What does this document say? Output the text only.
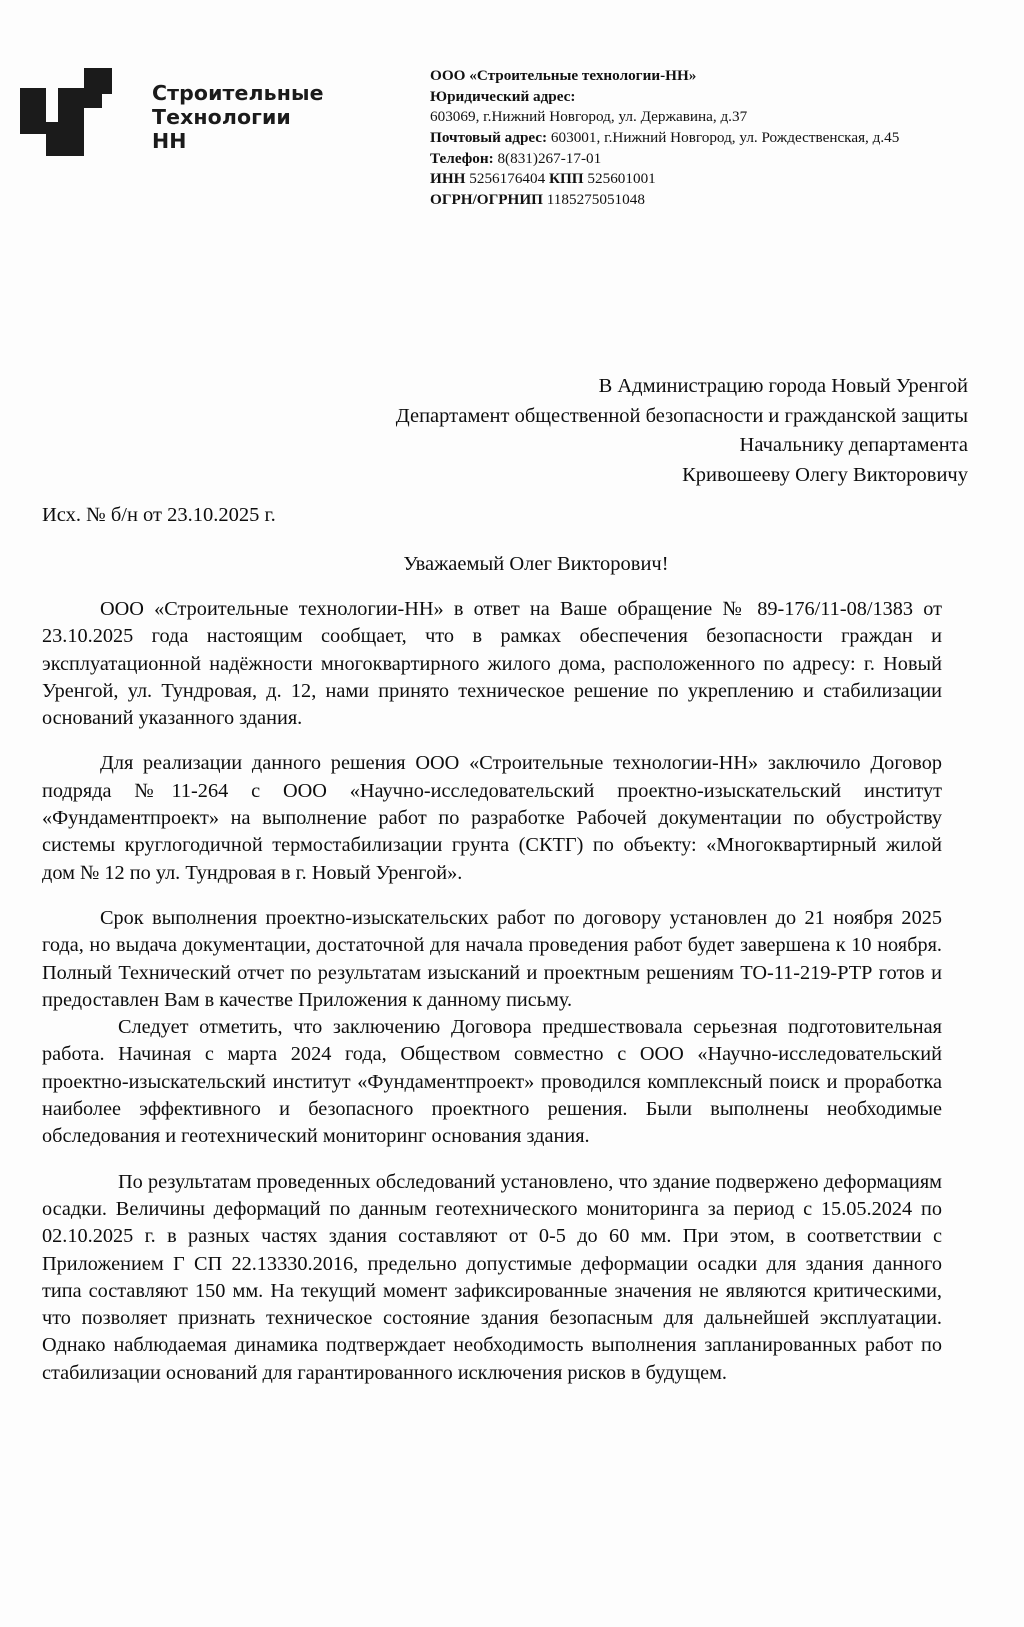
Строительные
Технологии
НН
ООО «Строительные технологии-НН»
Юридический адрес:
603069, г.Нижний Новгород, ул. Державина, д.37
Почтовый адрес: 603001, г.Нижний Новгород, ул. Рождественская, д.45
Телефон: 8(831)267-17-01
ИНН 5256176404 КПП 525601001
ОГРН/ОГРНИП 1185275051048
В Администрацию города Новый Уренгой
Департамент общественной безопасности и гражданской защиты
Начальнику департамента
Кривошееву Олегу Викторовичу
Исх. № б/н от 23.10.2025 г.
Уважаемый Олег Викторович!

ООО «Строительные технологии-НН» в ответ на Ваше обращение № 89-176/11-08/1383 от 23.10.2025 года настоящим сообщает, что в рамках обеспечения безопасности граждан и эксплуатационной надёжности многоквартирного жилого дома, расположенного по адресу: г. Новый Уренгой, ул. Тундровая, д. 12, нами принято техническое решение по укреплению и стабилизации оснований указанного здания.

Для реализации данного решения ООО «Строительные технологии-НН» заключило Договор подряда №11-264 с ООО «Научно-исследовательский проектно-изыскательский институт «Фундаментпроект» на выполнение работ по разработке Рабочей документации по обустройству системы круглогодичной термостабилизации грунта (СКТГ) по объекту: «Многоквартирный жилой дом № 12 по ул. Тундровая в г. Новый Уренгой».

Срок выполнения проектно-изыскательских работ по договору установлен до 21 ноября 2025 года, но выдача документации, достаточной для начала проведения работ будет завершена к 10 ноября. Полный Технический отчет по результатам изысканий и проектным решениям ТО-11-219-РТР готов и предоставлен Вам в качестве Приложения к данному письму.

Следует отметить, что заключению Договора предшествовала серьезная подготовительная работа. Начиная с марта 2024 года, Обществом совместно с ООО «Научно-исследовательский проектно-изыскательский институт «Фундаментпроект» проводился комплексный поиск и проработка наиболее эффективного и безопасного проектного решения. Были выполнены необходимые обследования и геотехнический мониторинг основания здания.

По результатам проведенных обследований установлено, что здание подвержено деформациям осадки. Величины деформаций по данным геотехнического мониторинга за период с 15.05.2024 по 02.10.2025 г. в разных частях здания составляют от 0-5 до 60 мм. При этом, в соответствии с Приложением Г СП 22.13330.2016, предельно допустимые деформации осадки для здания данного типа составляют 150 мм. На текущий момент зафиксированные значения не являются критическими, что позволяет признать техническое состояние здания безопасным для дальнейшей эксплуатации. Однако наблюдаемая динамика подтверждает необходимость выполнения запланированных работ по стабилизации оснований для гарантированного исключения рисков в будущем.
